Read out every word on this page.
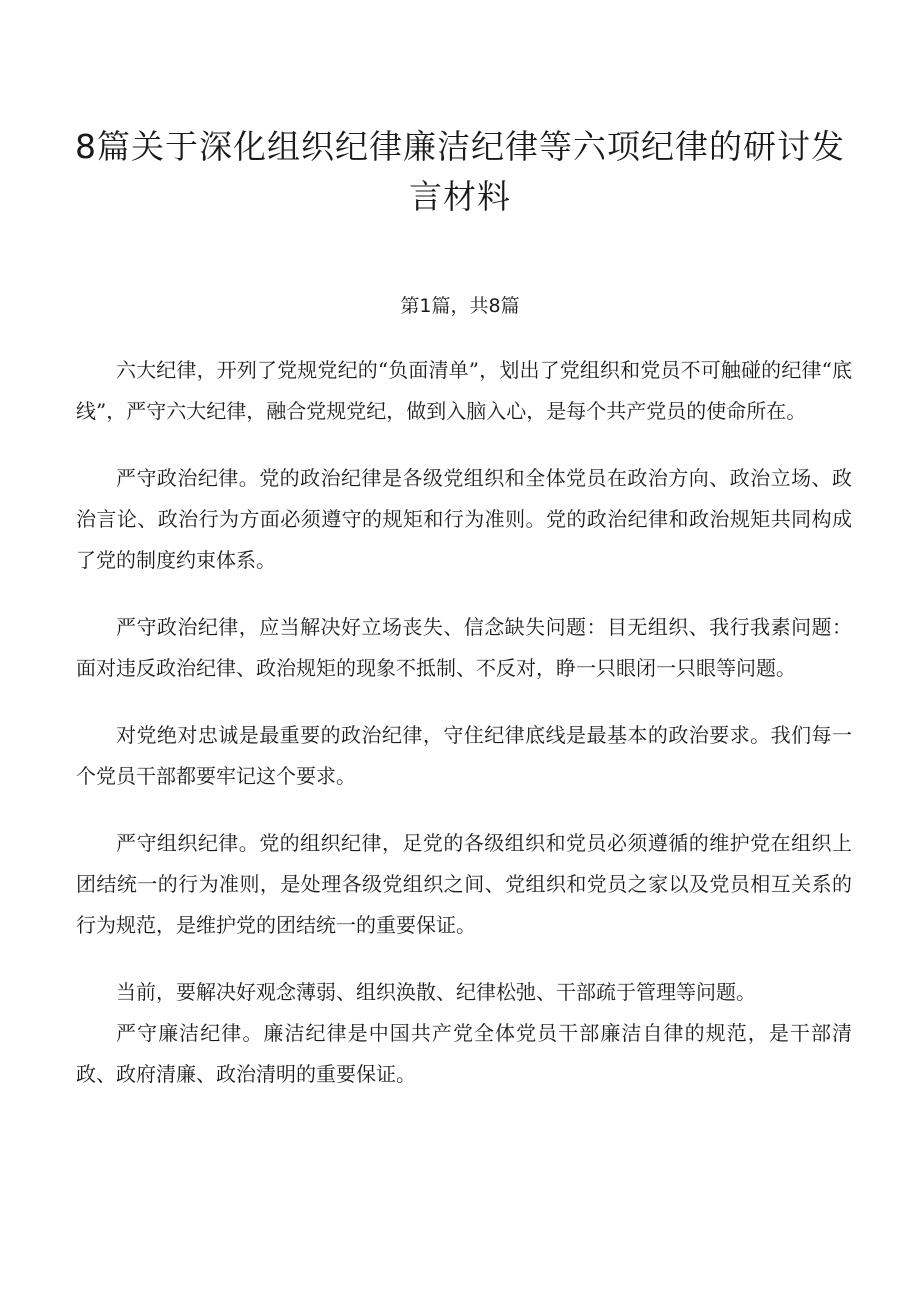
8篇关于深化组织纪律廉洁纪律等六项纪律的研讨发言材料

第1篇，共8篇

六大纪律，开列了党规党纪的“负面清单”，划出了党组织和党员不可触碰的纪律“底线”，严守六大纪律，融合党规党纪，做到入脑入心，是每个共产党员的使命所在。

严守政治纪律。党的政治纪律是各级党组织和全体党员在政治方向、政治立场、政治言论、政治行为方面必须遵守的规矩和行为准则。党的政治纪律和政治规矩共同构成了党的制度约束体系。

严守政治纪律，应当解决好立场丧失、信念缺失问题：目无组织、我行我素问题：面对违反政治纪律、政治规矩的现象不抵制、不反对，睁一只眼闭一只眼等问题。

对党绝对忠诚是最重要的政治纪律，守住纪律底线是最基本的政治要求。我们每一个党员干部都要牢记这个要求。

严守组织纪律。党的组织纪律，足党的各级组织和党员必须遵循的维护党在组织上团结统一的行为准则，是处理各级党组织之间、党组织和党员之家以及党员相互关系的行为规范，是维护党的团结统一的重要保证。

当前，要解决好观念薄弱、组织涣散、纪律松弛、干部疏于管理等问题。

严守廉洁纪律。廉洁纪律是中国共产党全体党员干部廉洁自律的规范，是干部清政、政府清廉、政治清明的重要保证。
